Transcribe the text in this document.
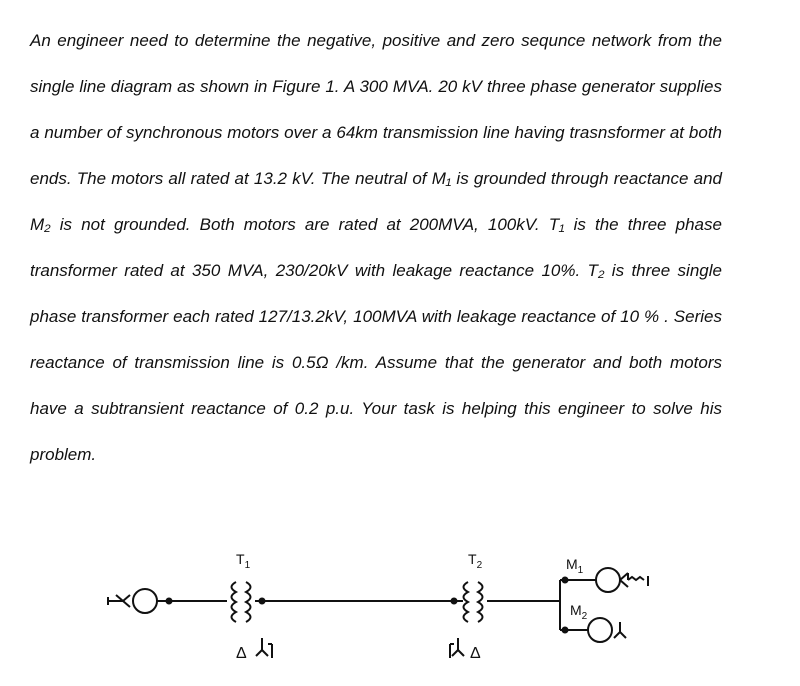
An engineer need to determine the negative, positive and zero sequnce network from the single line diagram as shown in Figure 1. A 300 MVA. 20 kV three phase generator supplies a number of synchronous motors over a 64km transmission line having trasnsformer at both ends. The motors all rated at 13.2 kV. The neutral of M₁ is grounded through reactance and M₂ is not grounded. Both motors are rated at 200MVA, 100kV. T₁ is the three phase transformer rated at 350 MVA, 230/20kV with leakage reactance 10%. T₂ is three single phase transformer each rated 127/13.2kV, 100MVA with leakage reactance of 10 % . Series reactance of transmission line is 0.5Ω /km. Assume that the generator and both motors have a subtransient reactance of 0.2 p.u. Your task is helping this engineer to solve his problem.

$T_1$	$T_2$	$M_1$
$M_2$
Δ	Δ
